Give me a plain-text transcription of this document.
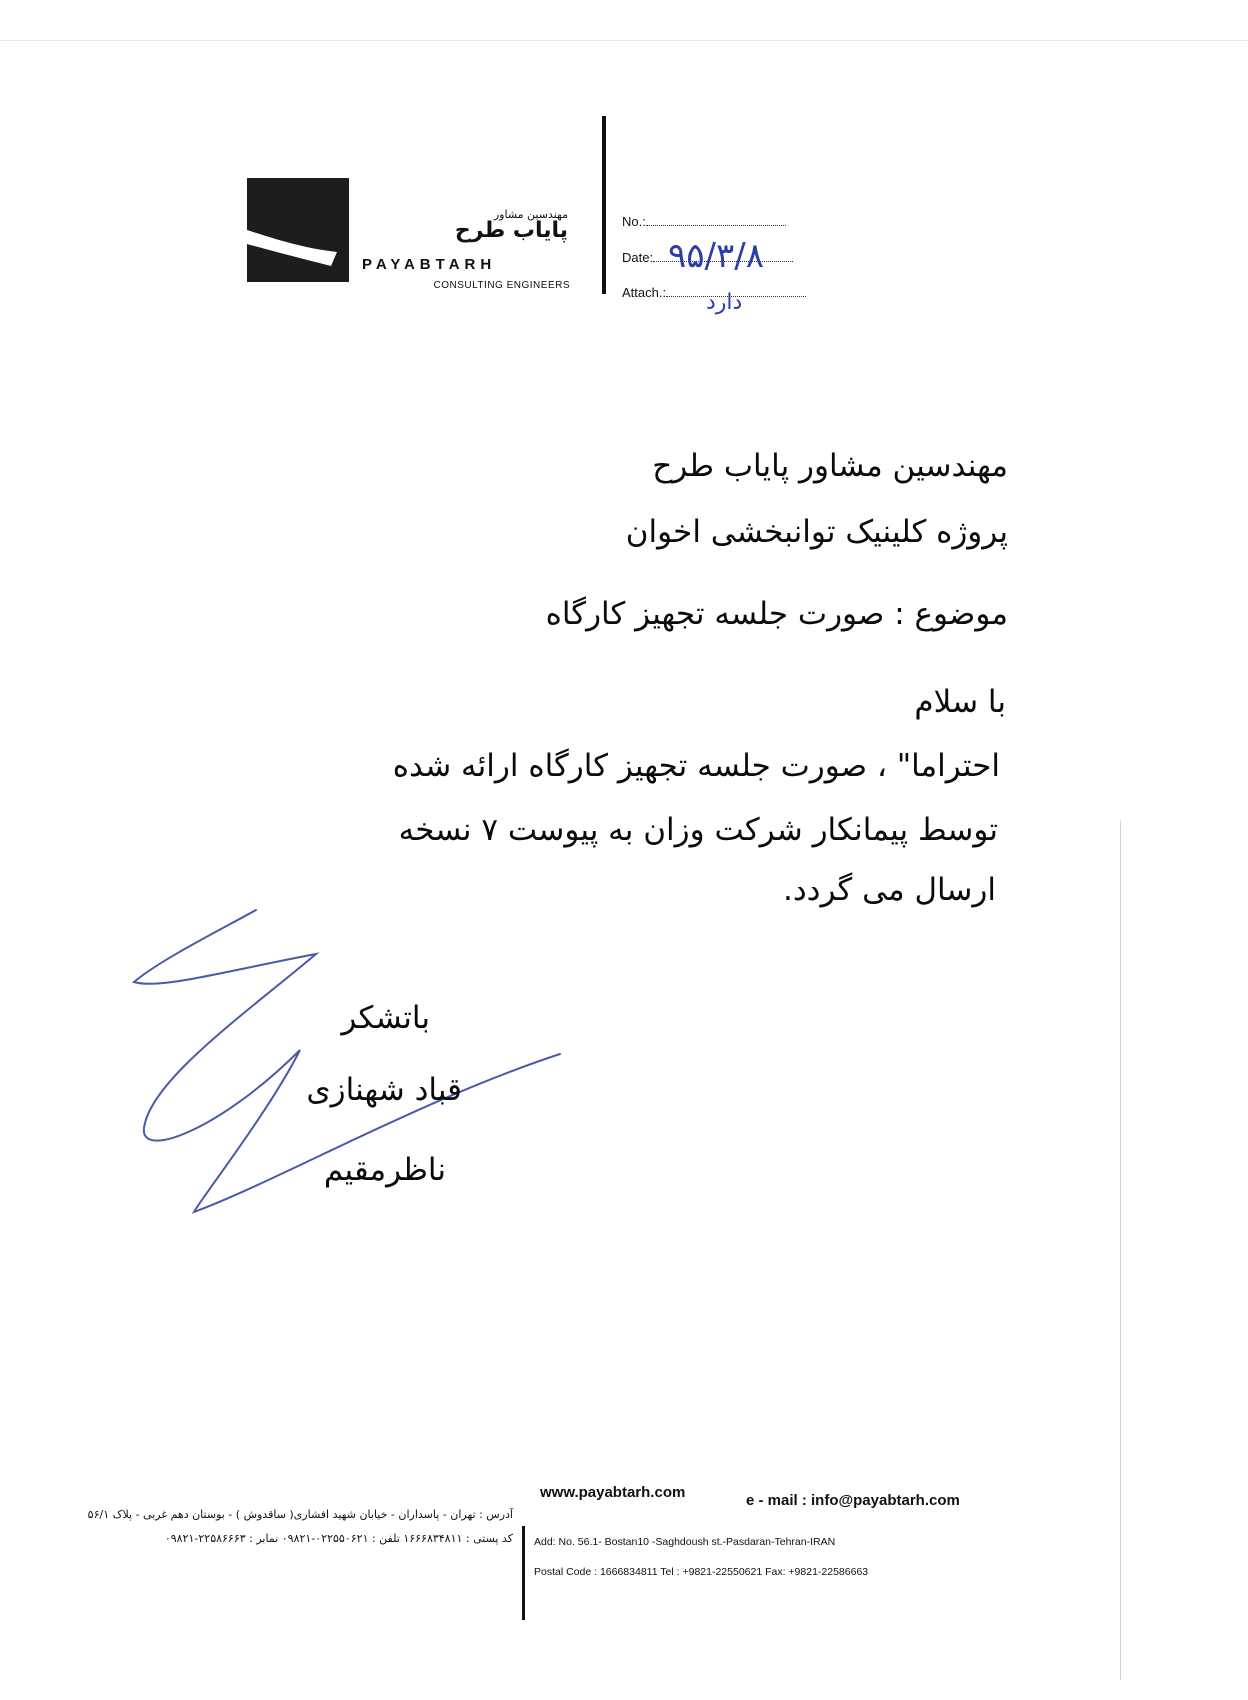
مهندسین مشاور
پایاب طرح
PAYABTARH
CONSULTING ENGINEERS
No.:
Date:
Attach.:
۹۵/۳/۸
دارد
مهندسین مشاور پایاب طرح
پروژه کلینیک توانبخشی اخوان
موضوع : صورت جلسه تجهیز کارگاه
با سلام
احتراما" ، صورت جلسه تجهیز کارگاه ارائه شده
توسط پیمانکار شرکت وزان به پیوست ۷ نسخه
ارسال می گردد.
باتشکر
قباد شهنازی
ناظرمقیم
www.payabtarh.com	e - mail : info@payabtarh.com
آدرس : تهران - پاسداران - خیابان شهید افشاری( ساقدوش ) - بوستان دهم غربی - پلاک ۵۶/۱
کد پستی : ۱۶۶۶۸۳۴۸۱۱ تلفن : ۰۲۲۵۵۰۶۲۱-۰۹۸۲۱ نمابر : ۲۲۵۸۶۶۶۳-۰۹۸۲۱ Add: No. 56.1- Bostan10 -Saghdoush st.-Pasdaran-Tehran-IRAN
Postal Code : 1666834811 Tel : +9821-22550621 Fax: +9821-22586663
